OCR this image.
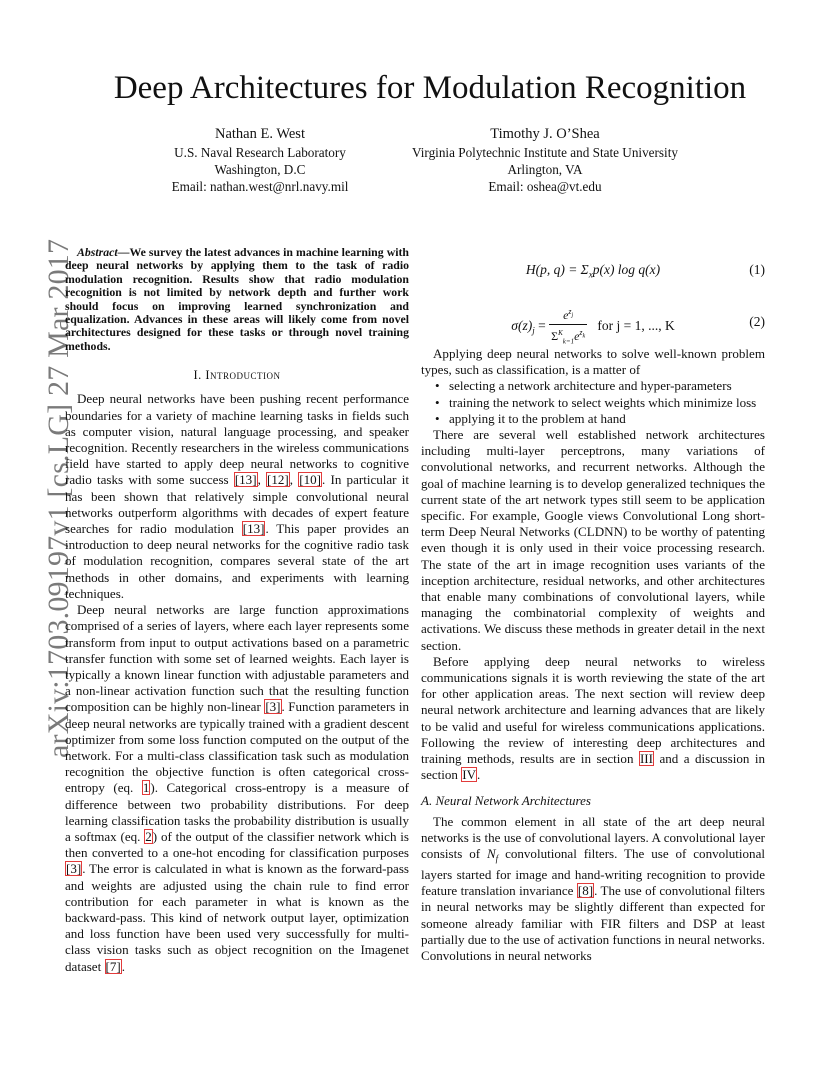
arXiv:1703.09197v1 [cs.LG] 27 Mar 2017
Deep Architectures for Modulation Recognition
Nathan E. West
U.S. Naval Research Laboratory
Washington, D.C
Email: nathan.west@nrl.navy.mil
Timothy J. O’Shea
Virginia Polytechnic Institute and State University
Arlington, VA
Email: oshea@vt.edu

Abstract—We survey the latest advances in machine learning with deep neural networks by applying them to the task of radio modulation recognition. Results show that radio modulation recognition is not limited by network depth and further work should focus on improving learned synchronization and equalization. Advances in these areas will likely come from novel architectures designed for these tasks or through novel training methods.

I. Introduction

Deep neural networks have been pushing recent performance boundaries for a variety of machine learning tasks in fields such as computer vision, natural language processing, and speaker recognition. Recently researchers in the wireless communications field have started to apply deep neural networks to cognitive radio tasks with some success [13], [12], [10]. In particular it has been shown that relatively simple convolutional neural networks outperform algorithms with decades of expert feature searches for radio modulation [13]. This paper provides an introduction to deep neural networks for the cognitive radio task of modulation recognition, compares several state of the art methods in other domains, and experiments with learning techniques.

Deep neural networks are large function approximations comprised of a series of layers, where each layer represents some transform from input to output activations based on a parametric transfer function with some set of learned weights. Each layer is typically a known linear function with adjustable parameters and a non-linear activation function such that the resulting function composition can be highly non-linear [3]. Function parameters in deep neural networks are typically trained with a gradient descent optimizer from some loss function computed on the output of the network. For a multi-class classification task such as modulation recognition the objective function is often categorical cross-entropy (eq. 1). Categorical cross-entropy is a measure of difference between two probability distributions. For deep learning classification tasks the probability distribution is usually a softmax (eq. 2) of the output of the classifier network which is then converted to a one-hot encoding for classification purposes [3]. The error is calculated in what is known as the forward-pass and weights are adjusted using the chain rule to find error contribution for each parameter in what is known as the backward-pass. This kind of network output layer, optimization and loss function have been used very successfully for multi-class vision tasks such as object recognition on the Imagenet dataset [7].

H(p, $q) = \Sigma_xp(x)$ log q(x)	(1)
$\sigma(z)_j = \frac{e^{z_j}}{\Sigma^K_{k=1}e^{z_k}}$ for j = 1, ..., K	(2)

Applying deep neural networks to solve well-known problem types, such as classification, is a matter of

• selecting a network architecture and hyper-parameters
• training the network to select weights which minimize loss
• applying it to the problem at hand

There are several well established network architectures including multi-layer perceptrons, many variations of convolutional networks, and recurrent networks. Although the goal of machine learning is to develop generalized techniques the current state of the art network types still seem to be application specific. For example, Google views Convolutional Long short-term Deep Neural Networks (CLDNN) to be worthy of patenting even though it is only used in their voice processing research. The state of the art in image recognition uses variants of the inception architecture, residual networks, and other architectures that enable many combinations of convolutional layers, while managing the combinatorial complexity of weights and activations. We discuss these methods in greater detail in the next section.

Before applying deep neural networks to wireless communications signals it is worth reviewing the state of the art for other application areas. The next section will review deep neural network architecture and learning advances that are likely to be valid and useful for wireless communications applications. Following the review of interesting deep architectures and training methods, results are in section III and a discussion in section IV.

A. Neural Network Architectures

The common element in all state of the art deep neural networks is the use of convolutional layers. A convolutional layer consists of $N_f$ convolutional filters. The use of convolutional layers started for image and hand-writing recognition to provide feature translation invariance [8]. The use of convolutional filters in neural networks may be slightly different than expected for someone already familiar with FIR filters and DSP at least partially due to the use of activation functions in neural networks. Convolutions in neural networks
